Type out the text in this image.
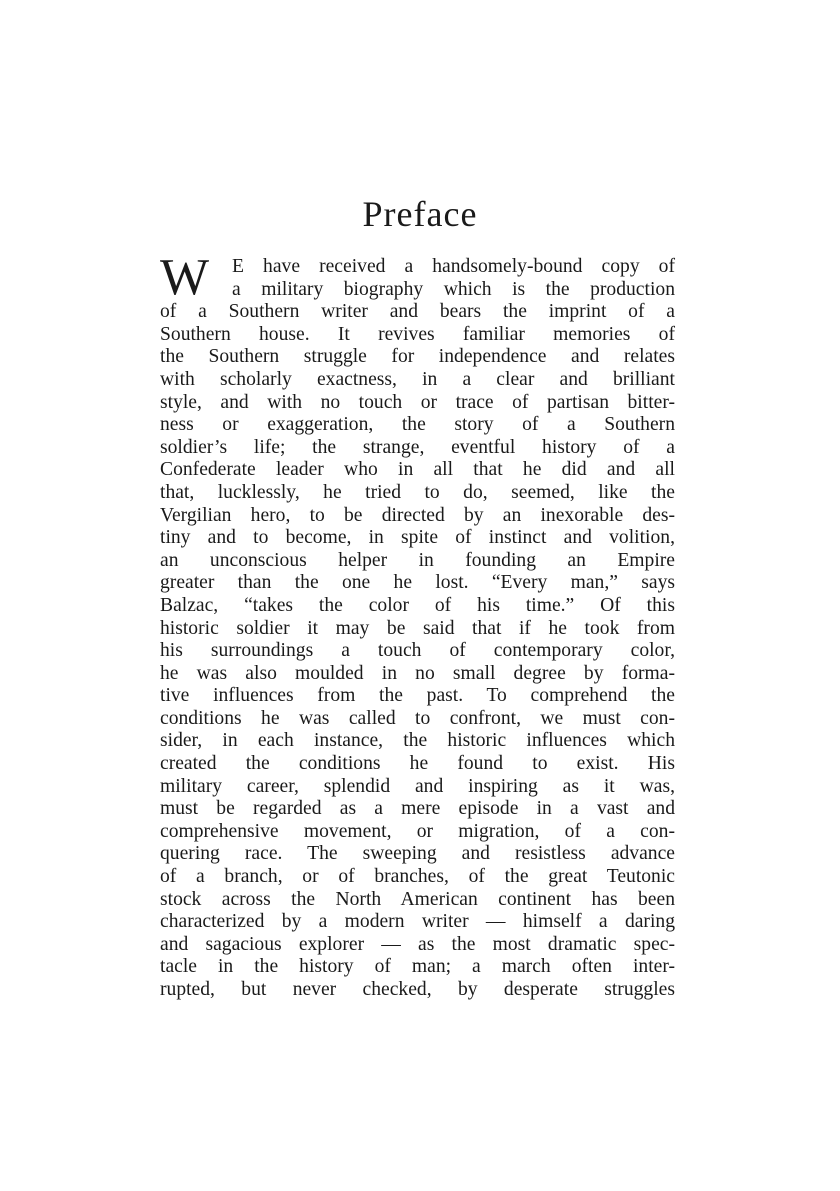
Preface
W	E have received a handsomely-bound copy of
a military biography which is the production
of a Southern writer and bears the imprint of a
Southern house. It revives familiar memories of
the Southern struggle for independence and relates
with scholarly exactness, in a clear and brilliant
style, and with no touch or trace of partisan bitter-
ness or exaggeration, the story of a Southern
soldier’s life; the strange, eventful history of a
Confederate leader who in all that he did and all
that, lucklessly, he tried to do, seemed, like the
Vergilian hero, to be directed by an inexorable des-
tiny and to become, in spite of instinct and volition,
an unconscious helper in founding an Empire
greater than the one he lost. “Every man,” says
Balzac, “takes the color of his time.” Of this
historic soldier it may be said that if he took from
his surroundings a touch of contemporary color,
he was also moulded in no small degree by forma-
tive influences from the past. To comprehend the
conditions he was called to confront, we must con-
sider, in each instance, the historic influences which
created the conditions he found to exist. His
military career, splendid and inspiring as it was,
must be regarded as a mere episode in a vast and
comprehensive movement, or migration, of a con-
quering race. The sweeping and resistless advance
of a branch, or of branches, of the great Teutonic
stock across the North American continent has been
characterized by a modern writer — himself a daring
and sagacious explorer — as the most dramatic spec-
tacle in the history of man; a march often inter-
rupted, but never checked, by desperate struggles
